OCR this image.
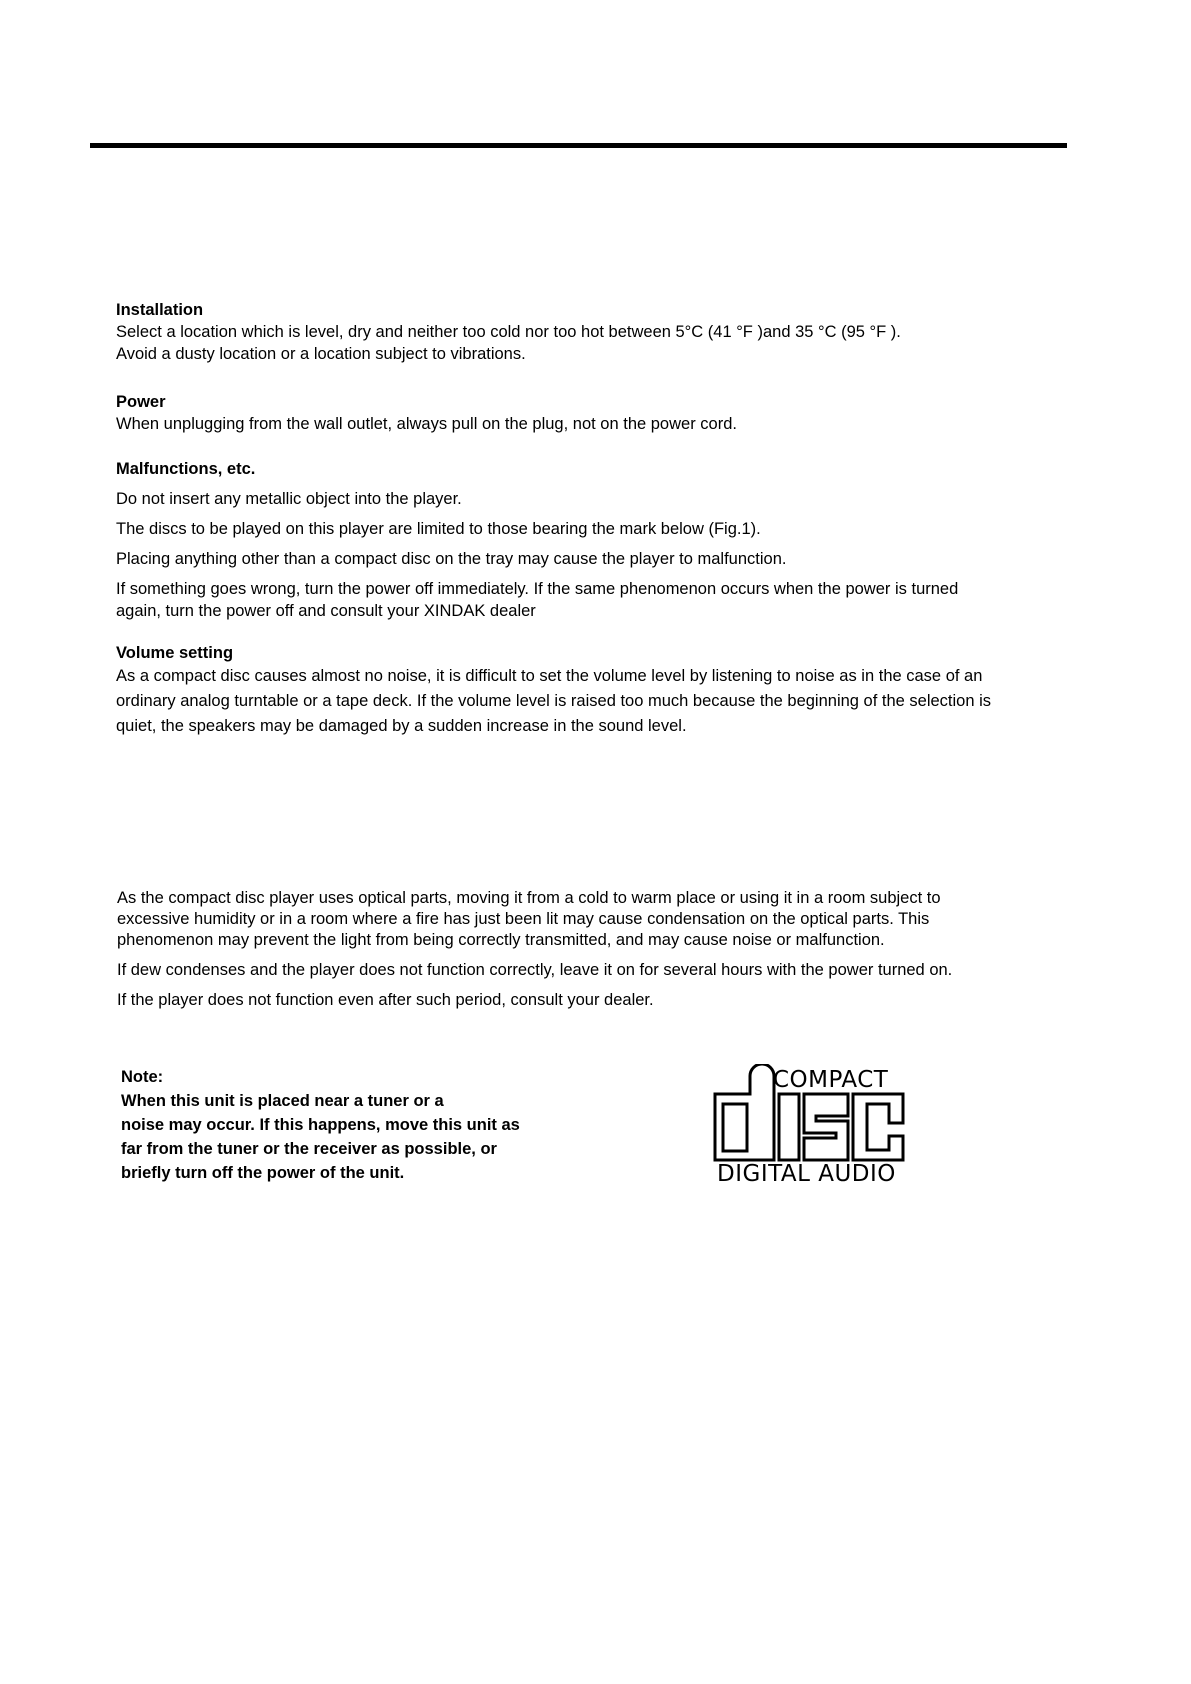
Installation

Select a location which is level, dry and neither too cold nor too hot between 5°C (41 °F )and 35 °C (95 °F ).

Avoid a dusty location or a location subject to vibrations.

Power

When unplugging from the wall outlet, always pull on the plug, not on the power cord.

Malfunctions, etc.

Do not insert any metallic object into the player.

The discs to be played on this player are limited to those bearing the mark below (Fig.1).

Placing anything other than a compact disc on the tray may cause the player to malfunction.

If something goes wrong, turn the power off immediately. If the same phenomenon occurs when the power is turned

again, turn the power off and consult your XINDAK dealer

Volume setting

As a compact disc causes almost no noise, it is difficult to set the volume level by listening to noise as in the case of an

ordinary analog turntable or a tape deck. If the volume level is raised too much because the beginning of the selection is

quiet, the speakers may be damaged by a sudden increase in the sound level.

As the compact disc player uses optical parts, moving it from a cold to warm place or using it in a room subject to

excessive humidity or in a room where a fire has just been lit may cause condensation on the optical parts. This

phenomenon may prevent the light from being correctly transmitted, and may cause noise or malfunction.

If dew condenses and the player does not function correctly, leave it on for several hours with the power turned on.

If the player does not function even after such period, consult your dealer.

Note:

When this unit is placed near a tuner or a

noise may occur. If this happens, move this unit as

far from the tuner or the receiver as possible, or

briefly turn off the power of the unit.

COMPACT
DIGITAL AUDIO
